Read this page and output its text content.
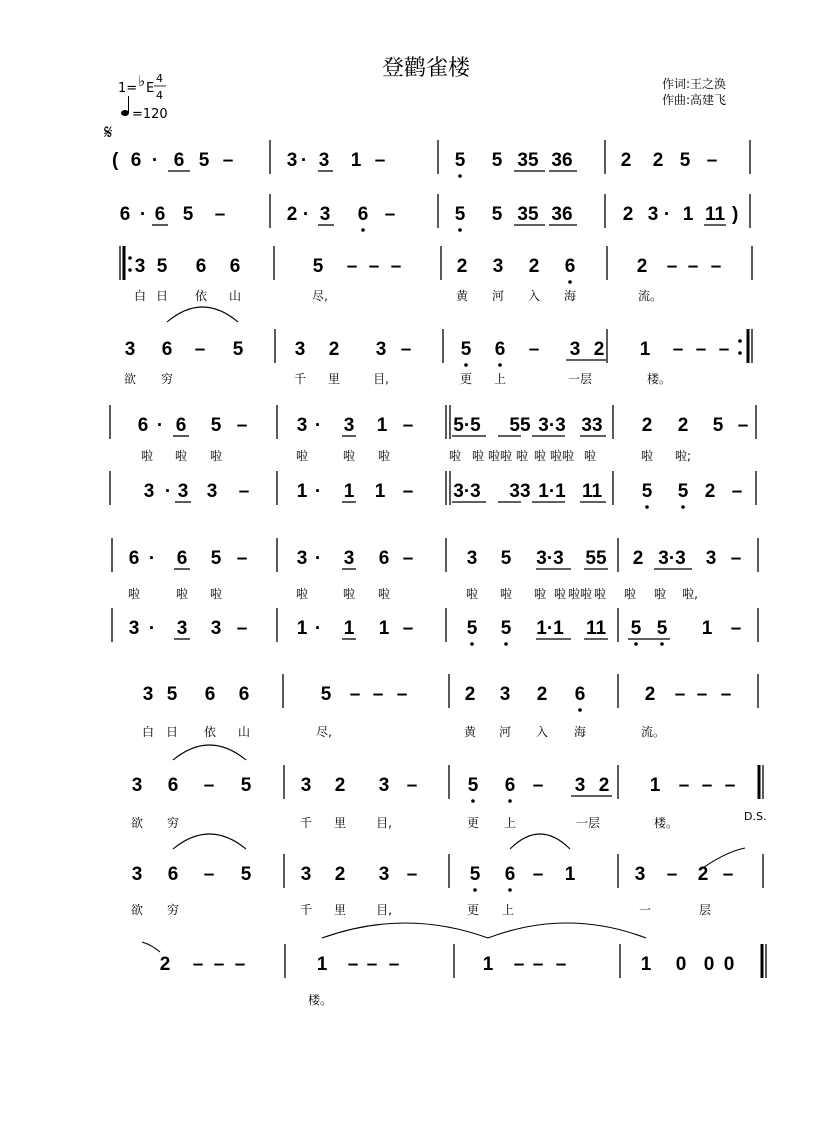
登鹳雀楼
作词:王之涣
作曲:高建飞
1= ♭ E
4
4
=120
𝄋
6 · 6 5 –	3 · 3 1 –	5 5 35 36	2 2 5 –
6 · 6 5 –	2 · 3 6 –	5 5 35 36	2 3 · 1 11
3 5 6 6	5 – – –	2 3 2 6	2 – – –
白 日 依 山	尽,	黄 河 入 海	流。
3 6 – 5	3 2 3 –	5 6 – 3 2 1 – – –
欲 穷	千 里	目,	更 上	一层	楼。
6 · 6 5 –	3 · 3 1 – 5·5 55 3·3 33 2 2 5 –
啦 啦 啦	啦	啦 啦	啦 啦 啦啦 啦 啦 啦啦 啦	啦 啦;
3 · 3 3 – 1 · 1 1 – 3·3 33 1·1 11 5 5 2 –
6 · 6 5 –	3 · 3 6 –	3 5 3·3 55 2 3·3 3 –
啦	啦 啦	啦	啦 啦	啦 啦 啦 啦 啦啦 啦 啦 啦 啦,
3 · 3 3 –	1 · 1 1 –	5 5 1·1 11 5 5 1 –
3 5 6 6	5 – – –	2 3 2 6	2 – – –
白 日 依 山	尽,	黄 河 入 海	流。
3 6 – 5	3 2 3 –	5 6 – 3 2 1 – – –
欲 穷	千 里	目,	更 上	一层	楼。
3 6 – 5	3 2 3 –	5 6 – 1	3 – 2 –
欲 穷	千 里	目,	更 上	一	层
2 – – –	1 – – –	1 – – –	1 0 0 0
楼。
(
)
D.S.
